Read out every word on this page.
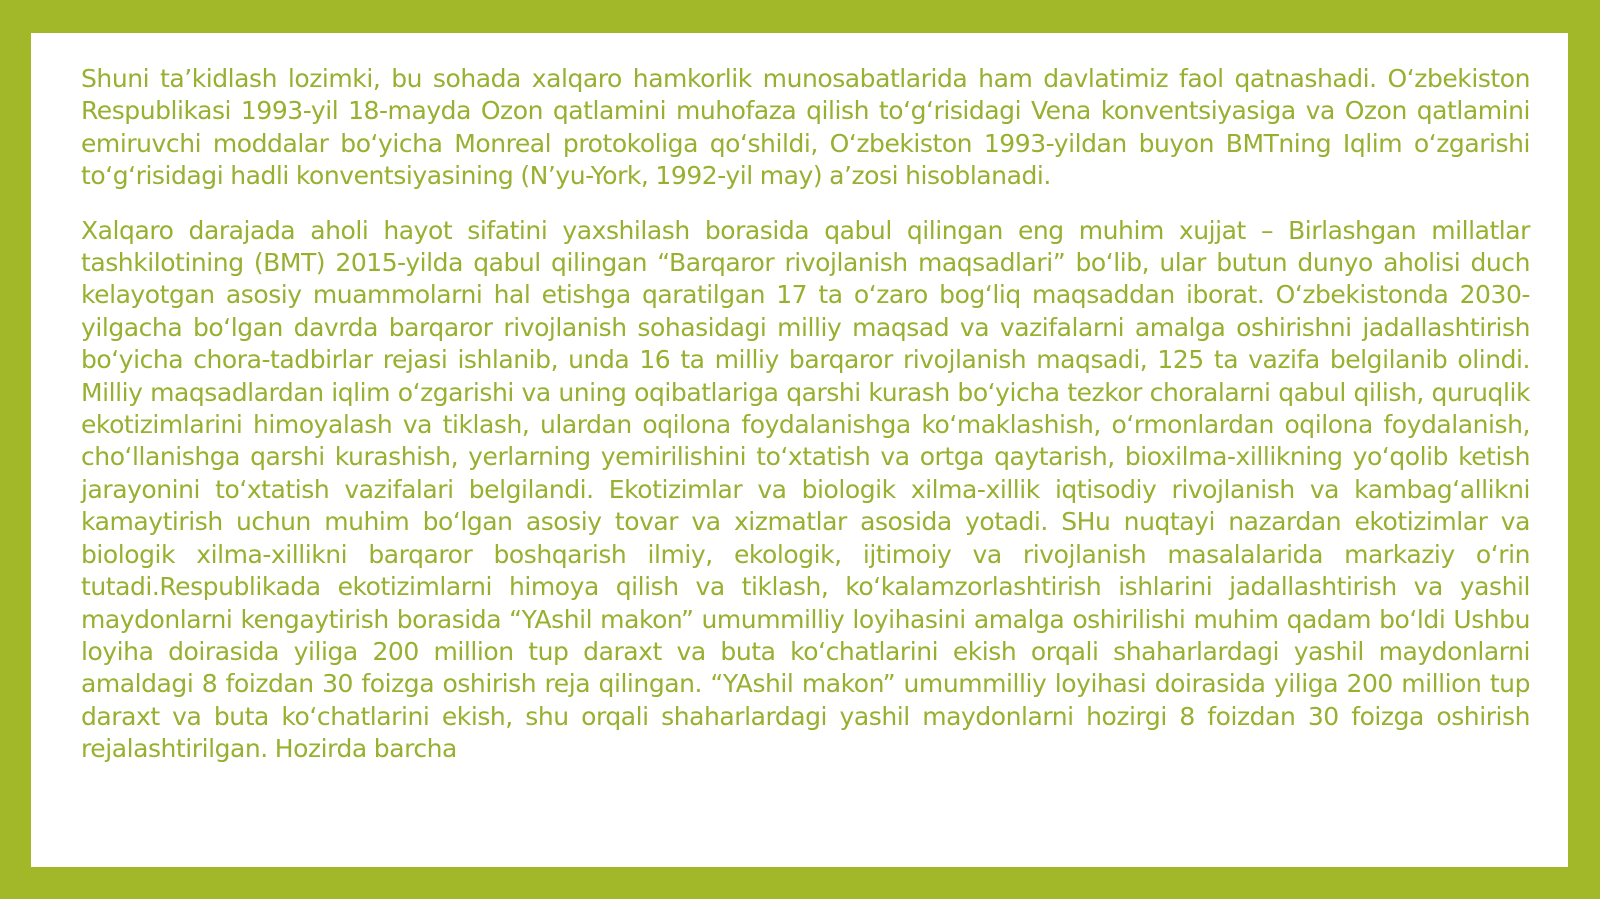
Shuni ta’kidlash lozimki, bu sohada xalqaro hamkorlik munosabatlarida ham davlatimiz faol qatnashadi. O‘zbekiston Respublikasi 1993-yil 18-mayda Ozon qatlamini muhofaza qilish to‘g‘risidagi Vena konventsiyasiga va Ozon qatlamini emiruvchi moddalar bo‘yicha Monreal protokoliga qo‘shildi, O‘zbekiston 1993-yildan buyon BMTning Iqlim o‘zgarishi to‘g‘risidagi hadli konventsiyasining (N’yu-York, 1992-yil may) a’zosi hisoblanadi.

Xalqaro darajada aholi hayot sifatini yaxshilash borasida qabul qilingan eng muhim xujjat – Birlashgan millatlar tashkilotining (BMT) 2015-yilda qabul qilingan “Barqaror rivojlanish maqsadlari” bo‘lib, ular butun dunyo aholisi duch kelayotgan asosiy muammolarni hal etishga qaratilgan 17 ta o‘zaro bog‘liq maqsaddan iborat. O‘zbekistonda 2030-yilgacha bo‘lgan davrda barqaror rivojlanish sohasidagi milliy maqsad va vazifalarni amalga oshirishni jadallashtirish bo‘yicha chora-tadbirlar rejasi ishlanib, unda 16 ta milliy barqaror rivojlanish maqsadi, 125 ta vazifa belgilanib olindi. Milliy maqsadlardan iqlim o‘zgarishi va uning oqibatlariga qarshi kurash bo‘yicha tezkor choralarni qabul qilish, quruqlik ekotizimlarini himoyalash va tiklash, ulardan oqilona foydalanishga ko‘maklashish, o‘rmonlardan oqilona foydalanish, cho‘llanishga qarshi kurashish, yerlarning yemirilishini to‘xtatish va ortga qaytarish, bioxilma-xillikning yo‘qolib ketish jarayonini to‘xtatish vazifalari belgilandi. Ekotizimlar va biologik xilma-xillik iqtisodiy rivojlanish va kambag‘allikni kamaytirish uchun muhim bo‘lgan asosiy tovar va xizmatlar asosida yotadi. SHu nuqtayi nazardan ekotizimlar va biologik xilma-xillikni barqaror boshqarish ilmiy, ekologik, ijtimoiy va rivojlanish masalalarida markaziy o‘rin tutadi.Respublikada ekotizimlarni himoya qilish va tiklash, ko‘kalamzorlashtirish ishlarini jadallashtirish va yashil maydonlarni kengaytirish borasida “YAshil makon” umummilliy loyihasini amalga oshirilishi muhim qadam bo‘ldi Ushbu loyiha doirasida yiliga 200 million tup daraxt va buta ko‘chatlarini ekish orqali shaharlardagi yashil maydonlarni amaldagi 8 foizdan 30 foizga oshirish reja qilingan. “YAshil makon” umummilliy loyihasi doirasida yiliga 200 million tup daraxt va buta ko‘chatlarini ekish, shu orqali shaharlardagi yashil maydonlarni hozirgi 8 foizdan 30 foizga oshirish rejalashtirilgan. Hozirda barcha
